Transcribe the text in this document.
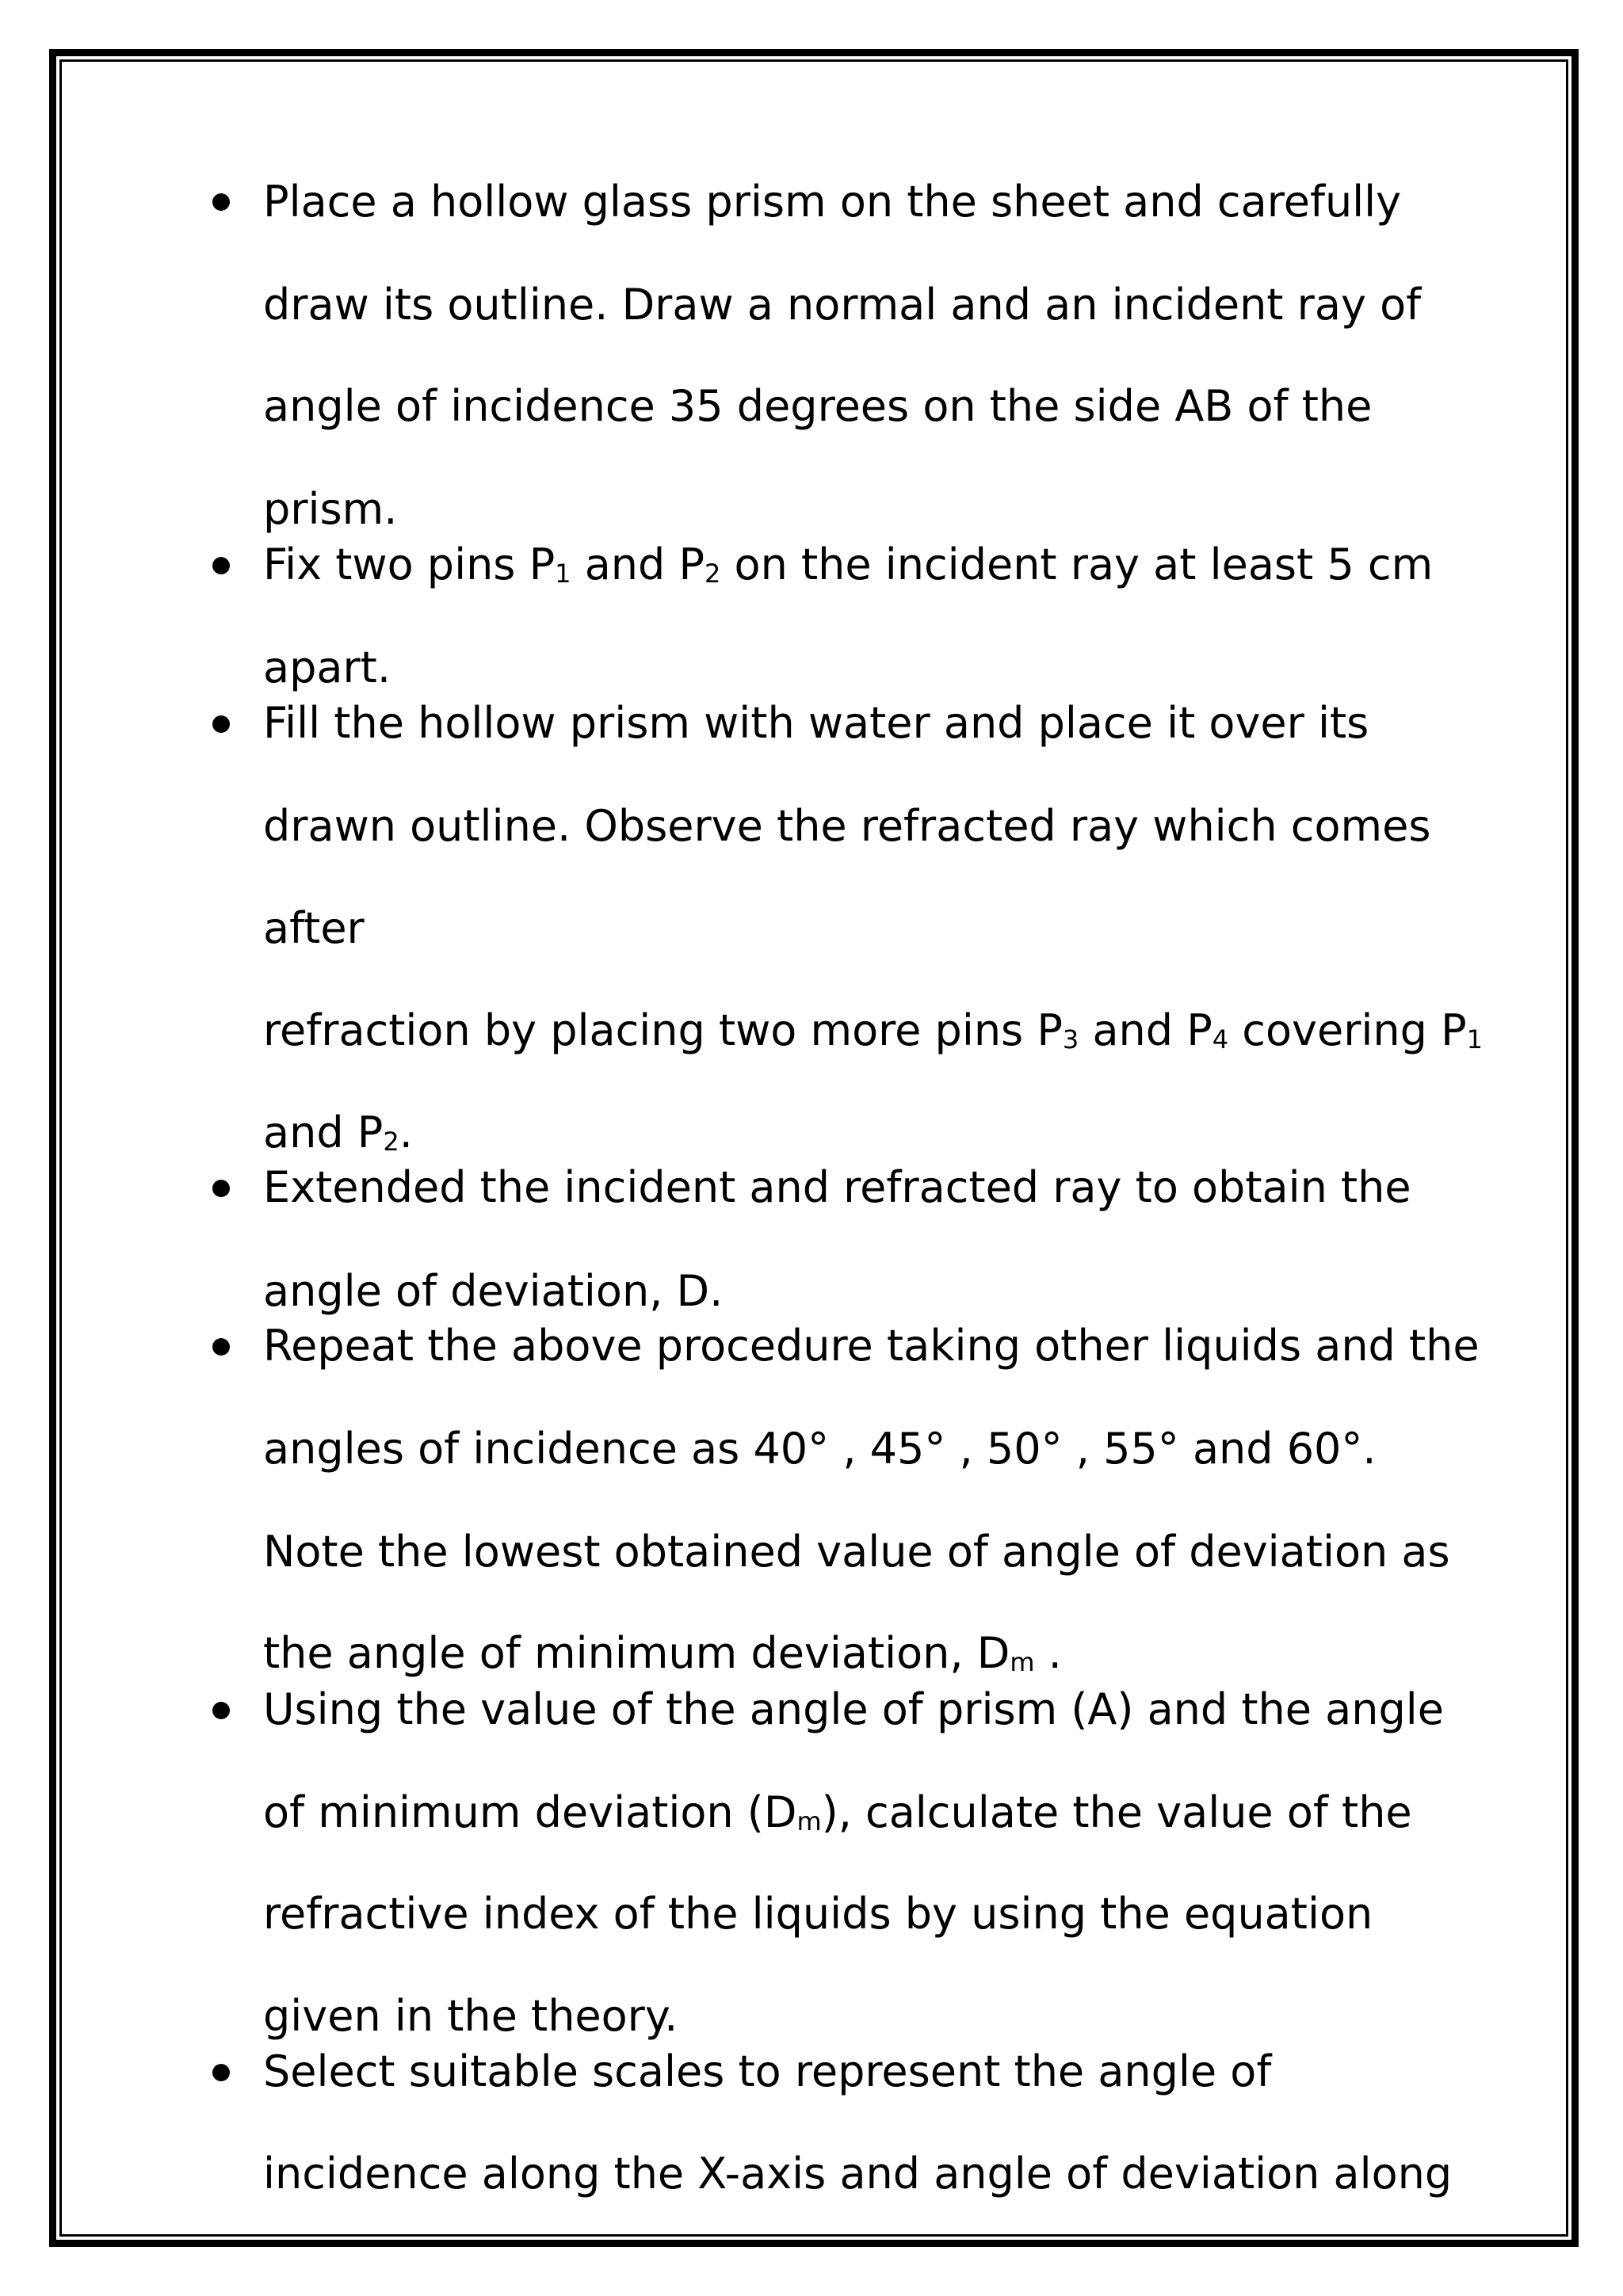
Place a hollow glass prism on the sheet and carefully
draw its outline. Draw a normal and an incident ray of
angle of incidence 35 degrees on the side AB of the
prism.
Fix two pins $P_1$ and $P_2$ on the incident ray at least 5 cm
apart.
Fill the hollow prism with water and place it over its
drawn outline. Observe the refracted ray which comes
after
refraction by placing two more pins $P_3$ and $P_4$ covering $P_1$
and $P_2$.
Extended the incident and refracted ray to obtain the
angle of deviation, D.
Repeat the above procedure taking other liquids and the
angles of incidence as 40° , 45° , 50° , 55° and 60°.
Note the lowest obtained value of angle of deviation as
the angle of minimum deviation, $D_m$ .
Using the value of the angle of prism (A) and the angle
of minimum deviation $(D_m)$, calculate the value of the
refractive index of the liquids by using the equation
given in the theory.
Select suitable scales to represent the angle of
incidence along the X-axis and angle of deviation along
